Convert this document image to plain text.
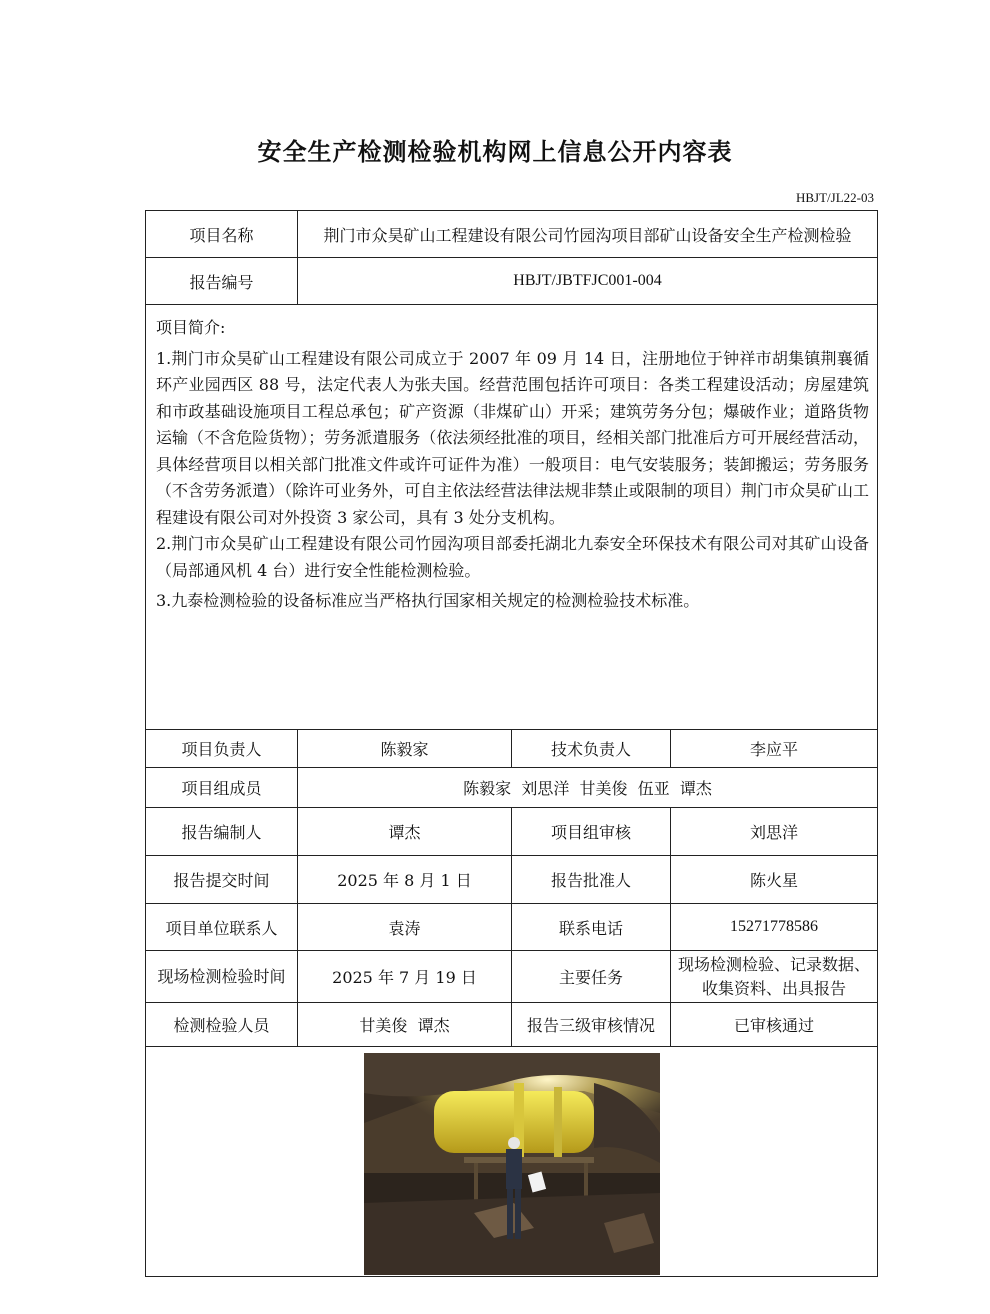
安全生产检测检验机构网上信息公开内容表
HBJT/JL22-03
项目名称	荆门市众昊矿山工程建设有限公司竹园沟项目部矿山设备安全生产检测检验		
报告编号	HBJT/JBTFJC001-004		

项目简介:

1.荆门市众昊矿山工程建设有限公司成立于 2007 年 09 月 14 日，注册地位于钟祥市胡集镇荆襄循环产业园西区 88 号，法定代表人为张夫国。经营范围包括许可项目：各类工程建设活动；房屋建筑和市政基础设施项目工程总承包；矿产资源（非煤矿山）开采；建筑劳务分包；爆破作业；道路货物运输（不含危险货物）；劳务派遣服务（依法须经批准的项目，经相关部门批准后方可开展经营活动，具体经营项目以相关部门批准文件或许可证件为准）一般项目：电气安装服务；装卸搬运；劳务服务（不含劳务派遣）（除许可业务外，可自主依法经营法律法规非禁止或限制的项目）荆门市众昊矿山工程建设有限公司对外投资 3 家公司，具有 3 处分支机构。

2.荆门市众昊矿山工程建设有限公司竹园沟项目部委托湖北九泰安全环保技术有限公司对其矿山设备（局部通风机 4 台）进行安全性能检测检验。

3.九泰检测检验的设备标准应当严格执行国家相关规定的检测检验技术标准。			

项目负责人	陈毅家	技术负责人	李应平
项目组成员	陈毅家  刘思洋  甘美俊  伍亚  谭杰		
报告编制人	谭杰	项目组审核	刘思洋
报告提交时间	2025 年 8 月 1 日	报告批准人	陈火星
项目单位联系人	袁涛	联系电话	15271778586
现场检测检验时间	2025 年 7 月 19 日	主要任务	现场检测检验、记录数据、收集资料、出具报告
检测检验人员	甘美俊  谭杰	报告三级审核情况	已审核通过
